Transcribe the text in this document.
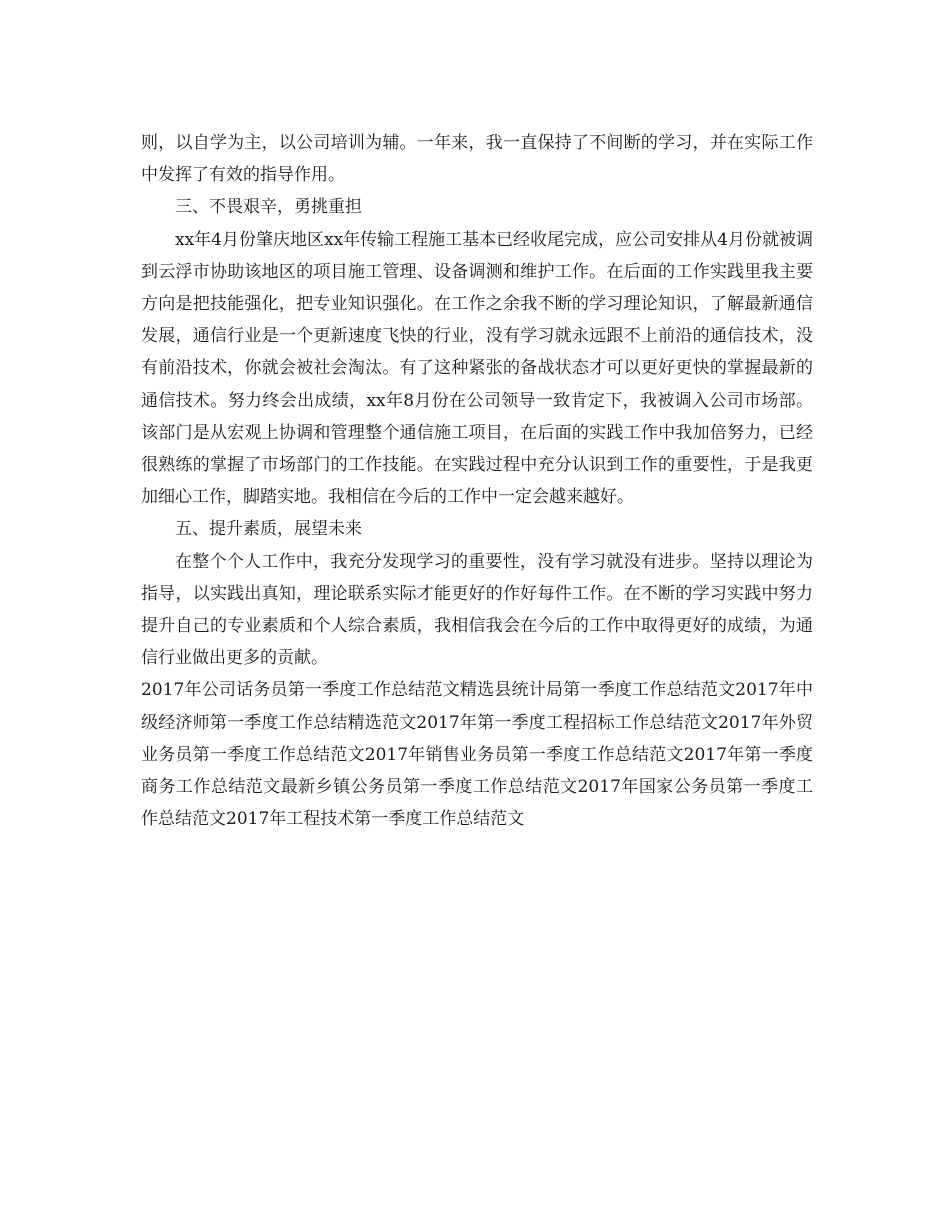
则，以自学为主，以公司培训为辅。一年来，我一直保持了不间断的学习，并在实际工作中发挥了有效的指导作用。

三、不畏艰辛，勇挑重担

xx年4月份肇庆地区xx年传输工程施工基本已经收尾完成，应公司安排从4月份就被调到云浮市协助该地区的项目施工管理、设备调测和维护工作。在后面的工作实践里我主要方向是把技能强化，把专业知识强化。在工作之余我不断的学习理论知识，了解最新通信发展，通信行业是一个更新速度飞快的行业，没有学习就永远跟不上前沿的通信技术，没有前沿技术，你就会被社会淘汰。有了这种紧张的备战状态才可以更好更快的掌握最新的通信技术。努力终会出成绩，xx年8月份在公司领导一致肯定下，我被调入公司市场部。该部门是从宏观上协调和管理整个通信施工项目，在后面的实践工作中我加倍努力，已经很熟练的掌握了市场部门的工作技能。在实践过程中充分认识到工作的重要性，于是我更加细心工作，脚踏实地。我相信在今后的工作中一定会越来越好。

五、提升素质，展望未来

在整个个人工作中，我充分发现学习的重要性，没有学习就没有进步。坚持以理论为指导，以实践出真知，理论联系实际才能更好的作好每件工作。在不断的学习实践中努力提升自己的专业素质和个人综合素质，我相信我会在今后的工作中取得更好的成绩，为通信行业做出更多的贡献。

2017年公司话务员第一季度工作总结范文精选县统计局第一季度工作总结范文2017年中级经济师第一季度工作总结精选范文2017年第一季度工程招标工作总结范文2017年外贸业务员第一季度工作总结范文2017年销售业务员第一季度工作总结范文2017年第一季度商务工作总结范文最新乡镇公务员第一季度工作总结范文2017年国家公务员第一季度工作总结范文2017年工程技术第一季度工作总结范文
